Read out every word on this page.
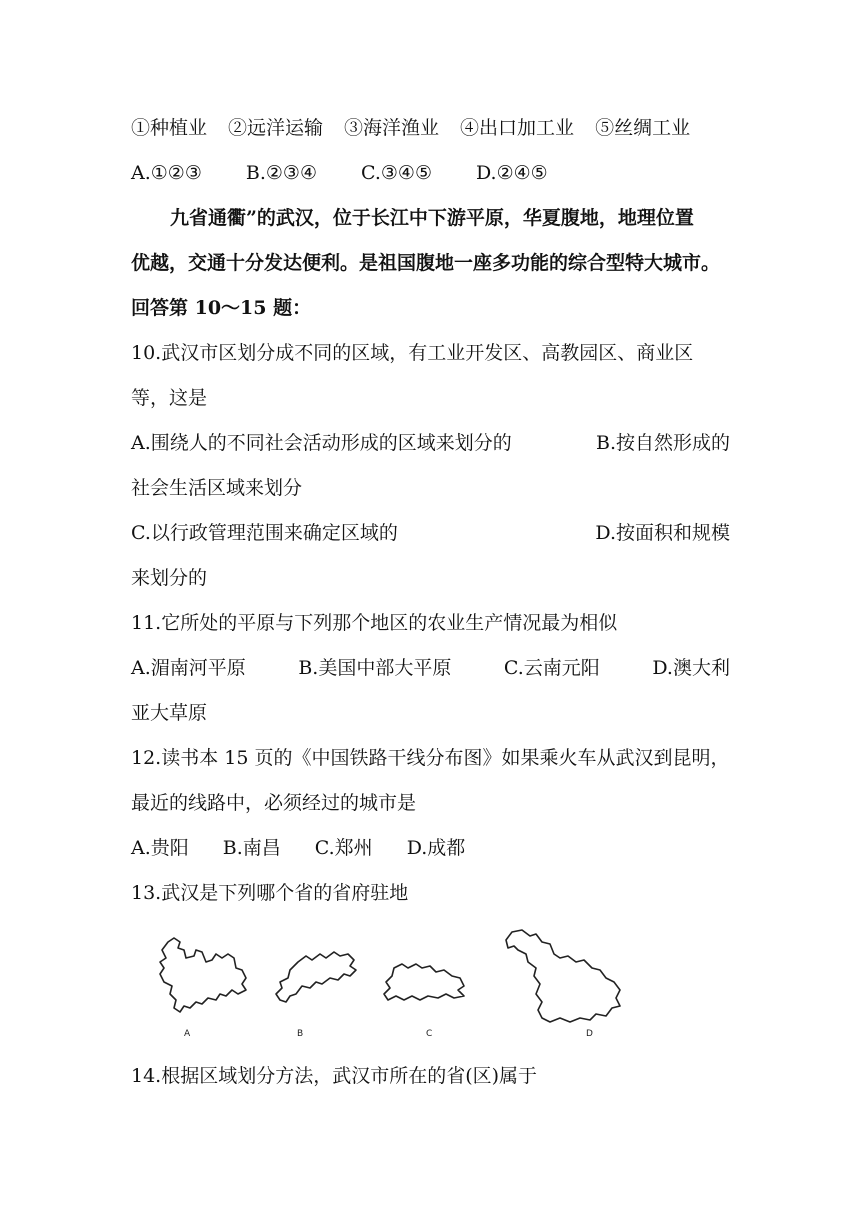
①种植业 ②远洋运输 ③海洋渔业 ④出口加工业 ⑤丝绸工业
A.①②③ B.②③④ C.③④⑤ D.②④⑤
九省通衢”的武汉，位于长江中下游平原，华夏腹地，地理位置
优越，交通十分发达便利。是祖国腹地一座多功能的综合型特大城市。
回答第 10～15 题：
10.武汉市区划分成不同的区域，有工业开发区、高教园区、商业区
等，这是
A.围绕人的不同社会活动形成的区域来划分的	B.按自然形成的
社会生活区域来划分
C.以行政管理范围来确定区域的	D.按面积和规模
来划分的
11.它所处的平原与下列那个地区的农业生产情况最为相似
A.湄南河平原	B.美国中部大平原	C.云南元阳	D.澳大利
亚大草原
12.读书本 15 页的《中国铁路干线分布图》如果乘火车从武汉到昆明，
最近的线路中，必须经过的城市是
A.贵阳 B.南昌 C.郑州 D.成都
13.武汉是下列哪个省的省府驻地
A	B	C	D
14.根据区域划分方法，武汉市所在的省(区)属于
